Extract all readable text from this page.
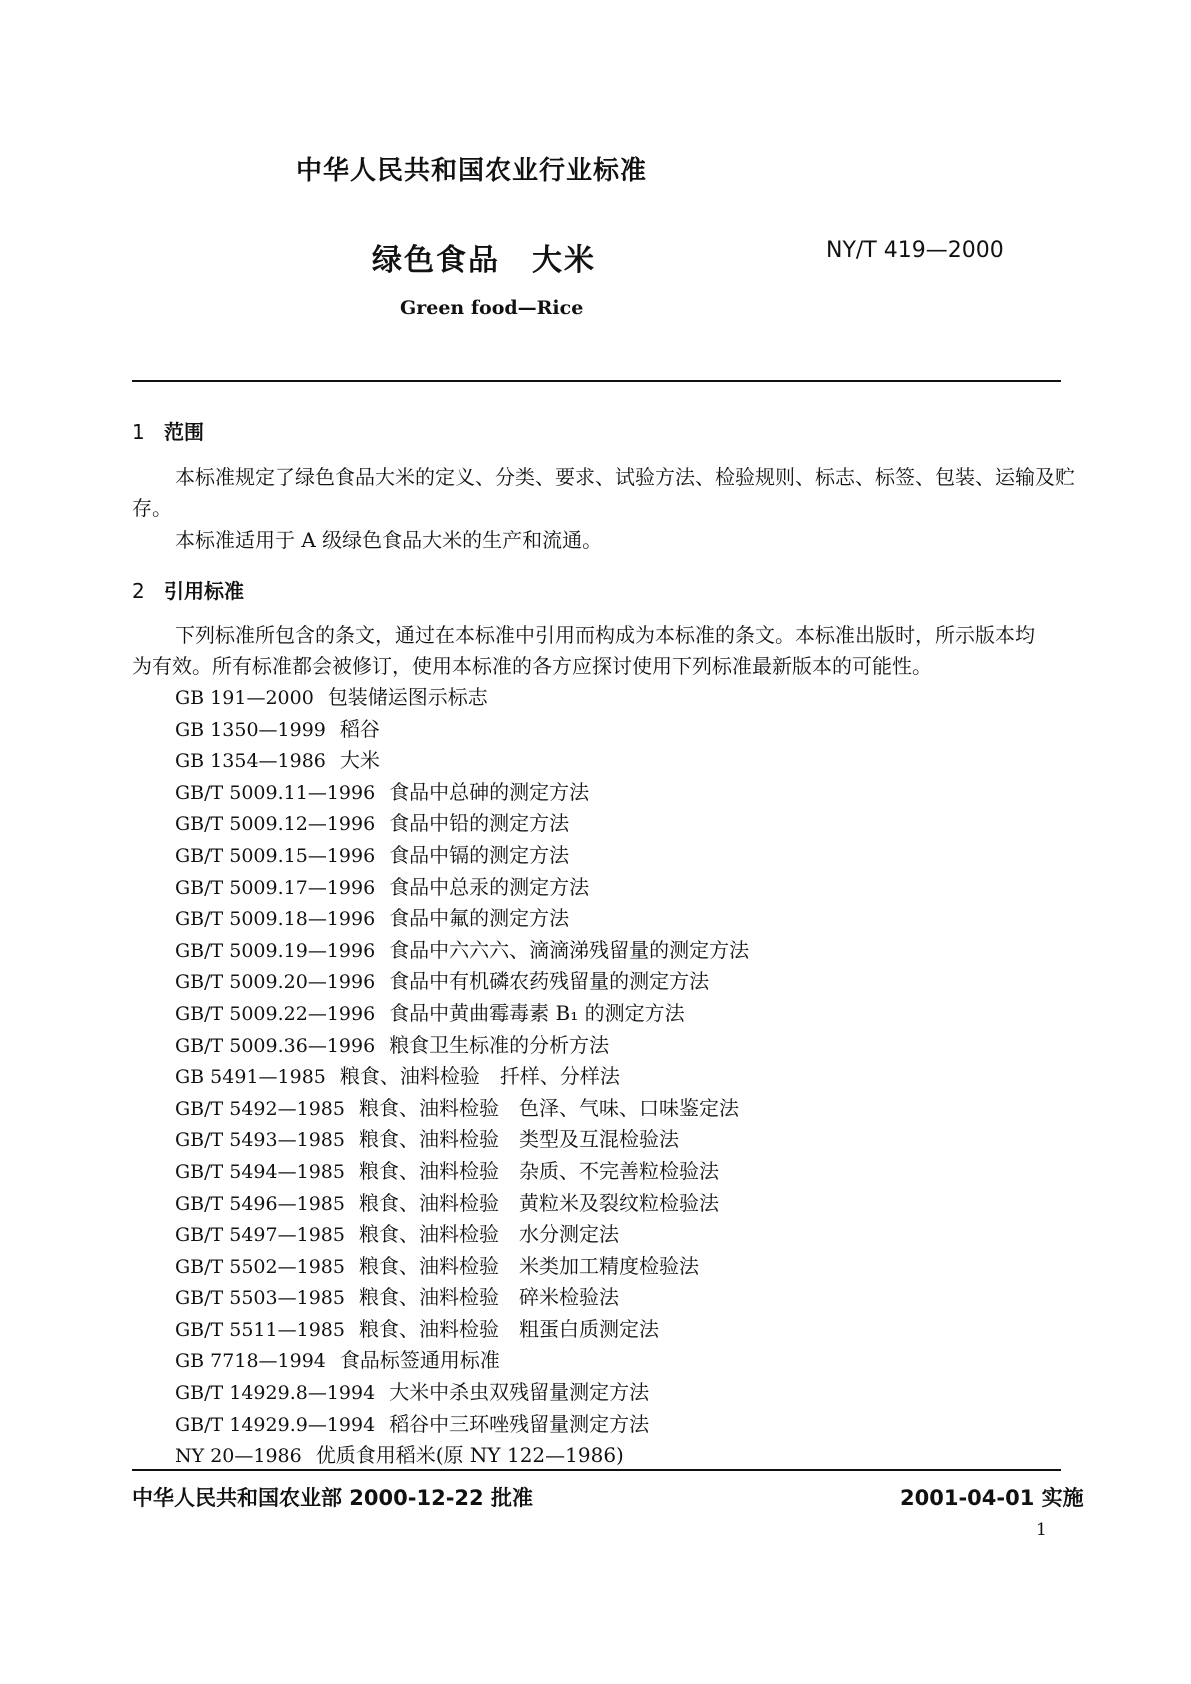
中华人民共和国农业行业标准
绿色食品　大米	NY/T 419—2000
Green food—Rice
1 范围
本标准规定了绿色食品大米的定义、分类、要求、试验方法、检验规则、标志、标签、包装、运输及贮
存。
本标准适用于 A 级绿色食品大米的生产和流通。
2 引用标准
下列标准所包含的条文，通过在本标准中引用而构成为本标准的条文。本标准出版时，所示版本均
为有效。所有标准都会被修订，使用本标准的各方应探讨使用下列标准最新版本的可能性。
GB 191—2000 包装储运图示标志
GB 1350—1999 稻谷
GB 1354—1986 大米
GB/T 5009.11—1996 食品中总砷的测定方法
GB/T 5009.12—1996 食品中铅的测定方法
GB/T 5009.15—1996 食品中镉的测定方法
GB/T 5009.17—1996 食品中总汞的测定方法
GB/T 5009.18—1996 食品中氟的测定方法
GB/T 5009.19—1996 食品中六六六、滴滴涕残留量的测定方法
GB/T 5009.20—1996 食品中有机磷农药残留量的测定方法
GB/T 5009.22—1996 食品中黄曲霉毒素 B₁ 的测定方法
GB/T 5009.36—1996 粮食卫生标准的分析方法
GB 5491—1985 粮食、油料检验　扦样、分样法
GB/T 5492—1985 粮食、油料检验　色泽、气味、口味鉴定法
GB/T 5493—1985 粮食、油料检验　类型及互混检验法
GB/T 5494—1985 粮食、油料检验　杂质、不完善粒检验法
GB/T 5496—1985 粮食、油料检验　黄粒米及裂纹粒检验法
GB/T 5497—1985 粮食、油料检验　水分测定法
GB/T 5502—1985 粮食、油料检验　米类加工精度检验法
GB/T 5503—1985 粮食、油料检验　碎米检验法
GB/T 5511—1985 粮食、油料检验　粗蛋白质测定法
GB 7718—1994 食品标签通用标准
GB/T 14929.8—1994 大米中杀虫双残留量测定方法
GB/T 14929.9—1994 稻谷中三环唑残留量测定方法
NY 20—1986 优质食用稻米(原 NY 122—1986)
中华人民共和国农业部 2000-12-22 批准	2001-04-01 实施
1
